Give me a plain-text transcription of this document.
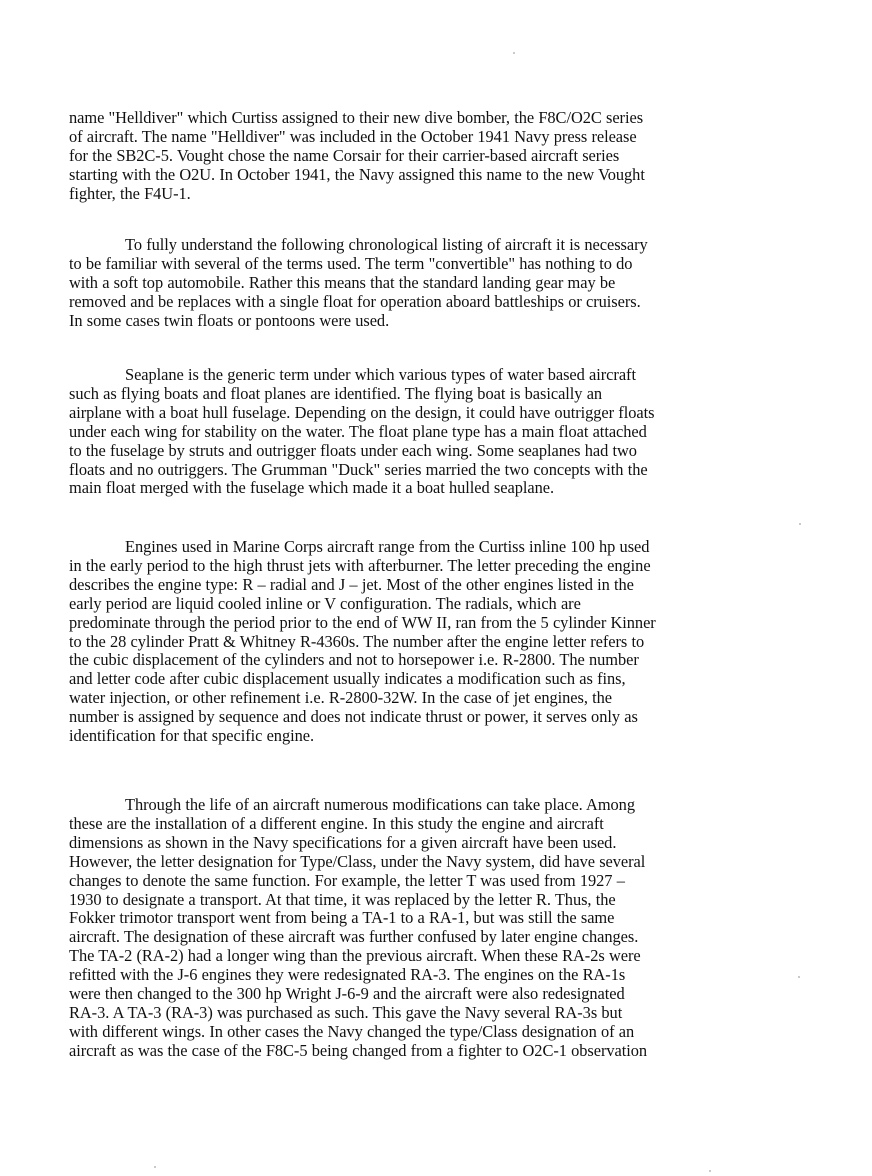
name "Helldiver" which Curtiss assigned to their new dive bomber, the F8C/O2C series
of aircraft. The name "Helldiver" was included in the October 1941 Navy press release
for the SB2C-5. Vought chose the name Corsair for their carrier-based aircraft series
starting with the O2U. In October 1941, the Navy assigned this name to the new Vought
fighter, the F4U-1.

To fully understand the following chronological listing of aircraft it is necessary
to be familiar with several of the terms used. The term "convertible" has nothing to do
with a soft top automobile. Rather this means that the standard landing gear may be
removed and be replaces with a single float for operation aboard battleships or cruisers.
In some cases twin floats or pontoons were used.

Seaplane is the generic term under which various types of water based aircraft
such as flying boats and float planes are identified. The flying boat is basically an
airplane with a boat hull fuselage. Depending on the design, it could have outrigger floats
under each wing for stability on the water. The float plane type has a main float attached
to the fuselage by struts and outrigger floats under each wing. Some seaplanes had two
floats and no outriggers. The Grumman "Duck" series married the two concepts with the
main float merged with the fuselage which made it a boat hulled seaplane.

Engines used in Marine Corps aircraft range from the Curtiss inline 100 hp used
in the early period to the high thrust jets with afterburner. The letter preceding the engine
describes the engine type: R – radial and J – jet. Most of the other engines listed in the
early period are liquid cooled inline or V configuration. The radials, which are
predominate through the period prior to the end of WW II, ran from the 5 cylinder Kinner
to the 28 cylinder Pratt & Whitney R-4360s. The number after the engine letter refers to
the cubic displacement of the cylinders and not to horsepower i.e. R-2800. The number
and letter code after cubic displacement usually indicates a modification such as fins,
water injection, or other refinement i.e. R-2800-32W. In the case of jet engines, the
number is assigned by sequence and does not indicate thrust or power, it serves only as
identification for that specific engine.

Through the life of an aircraft numerous modifications can take place. Among
these are the installation of a different engine. In this study the engine and aircraft
dimensions as shown in the Navy specifications for a given aircraft have been used.
However, the letter designation for Type/Class, under the Navy system, did have several
changes to denote the same function. For example, the letter T was used from 1927 –
1930 to designate a transport. At that time, it was replaced by the letter R. Thus, the
Fokker trimotor transport went from being a TA-1 to a RA-1, but was still the same
aircraft. The designation of these aircraft was further confused by later engine changes.
The TA-2 (RA-2) had a longer wing than the previous aircraft. When these RA-2s were
refitted with the J-6 engines they were redesignated RA-3. The engines on the RA-1s
were then changed to the 300 hp Wright J-6-9 and the aircraft were also redesignated
RA-3. A TA-3 (RA-3) was purchased as such. This gave the Navy several RA-3s but
with different wings. In other cases the Navy changed the type/Class designation of an
aircraft as was the case of the F8C-5 being changed from a fighter to O2C-1 observation
